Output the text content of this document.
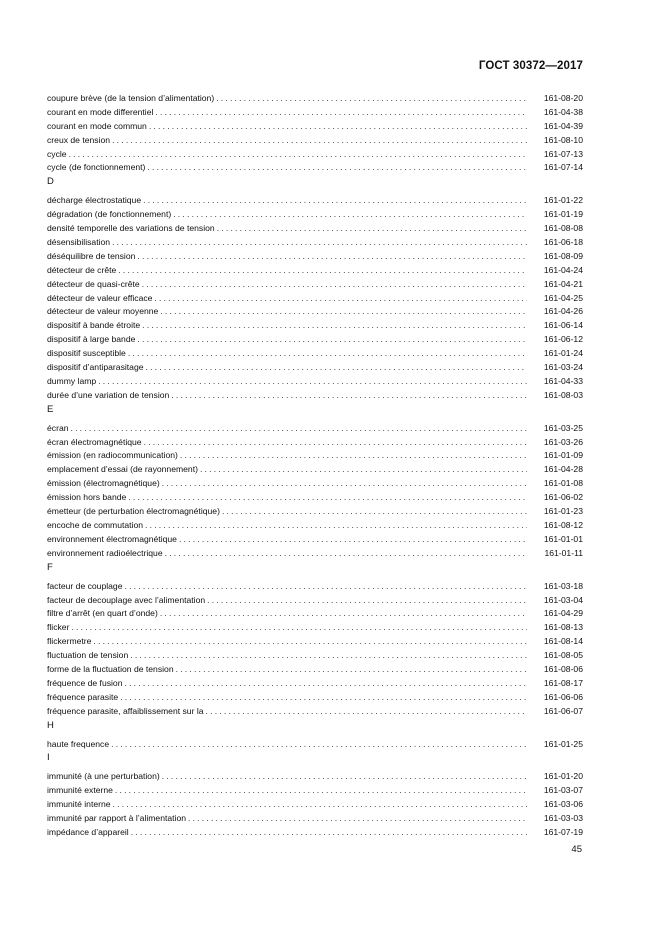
ГОСТ 30372—2017
coupure brève (de la tension d’alimentation) .....	161-08-20
courant en mode differentiel .....	161-04-38
courant en mode commun .....	161-04-39
creux de tension .....	161-08-10
cycle .....	161-07-13
cycle (de fonctionnement) .....	161-07-14
D
décharge électrostatique .....	161-01-22
dégradation (de fonctionnement) .....	161-01-19
densité temporelle des variations de tension .....	161-08-08
désensibilisation .....	161-06-18
déséquilibre de tension .....	161-08-09
détecteur de crête .....	161-04-24
détecteur de quasi-crête .....	161-04-21
détecteur de valeur efficace .....	161-04-25
détecteur de valeur moyenne .....	161-04-26
dispositif à bande étroite .....	161-06-14
dispositif à large bande .....	161-06-12
dispositif susceptible .....	161-01-24
dispositif d’antiparasitage .....	161-03-24
dummy lamp .....	161-04-33
durée d’une variation de tension .....	161-08-03
E
écran .....	161-03-25
écran électromagnétique .....	161-03-26
émission (en radiocommunication) .....	161-01-09
emplacement d’essai (de rayonnement) .....	161-04-28
émission (électromagnétique) .....	161-01-08
émission hors bande .....	161-06-02
émetteur (de perturbation électromagnétique) .....	161-01-23
encoche de commutation .....	161-08-12
environnement électromagnétique .....	161-01-01
environnement radioélectrique .....	161-01-11
F
facteur de couplage .....	161-03-18
facteur de decouplage avec l’alimentation .....	161-03-04
filtre d’arrêt (en quart d’onde) .....	161-04-29
flicker .....	161-08-13
flickermetre .....	161-08-14
fluctuation de tension .....	161-08-05
forme de la fluctuation de tension .....	161-08-06
fréquence de fusion .....	161-08-17
fréquence parasite .....	161-06-06
fréquence parasite, affaiblissement sur la .....	161-06-07
H
haute frequence .....	161-01-25
I
immunité (à une perturbation) .....	161-01-20
immunité externe .....	161-03-07
immunité interne .....	161-03-06
immunité par rapport à l’alimentation .....	161-03-03
impédance d’appareil .....	161-07-19
45
